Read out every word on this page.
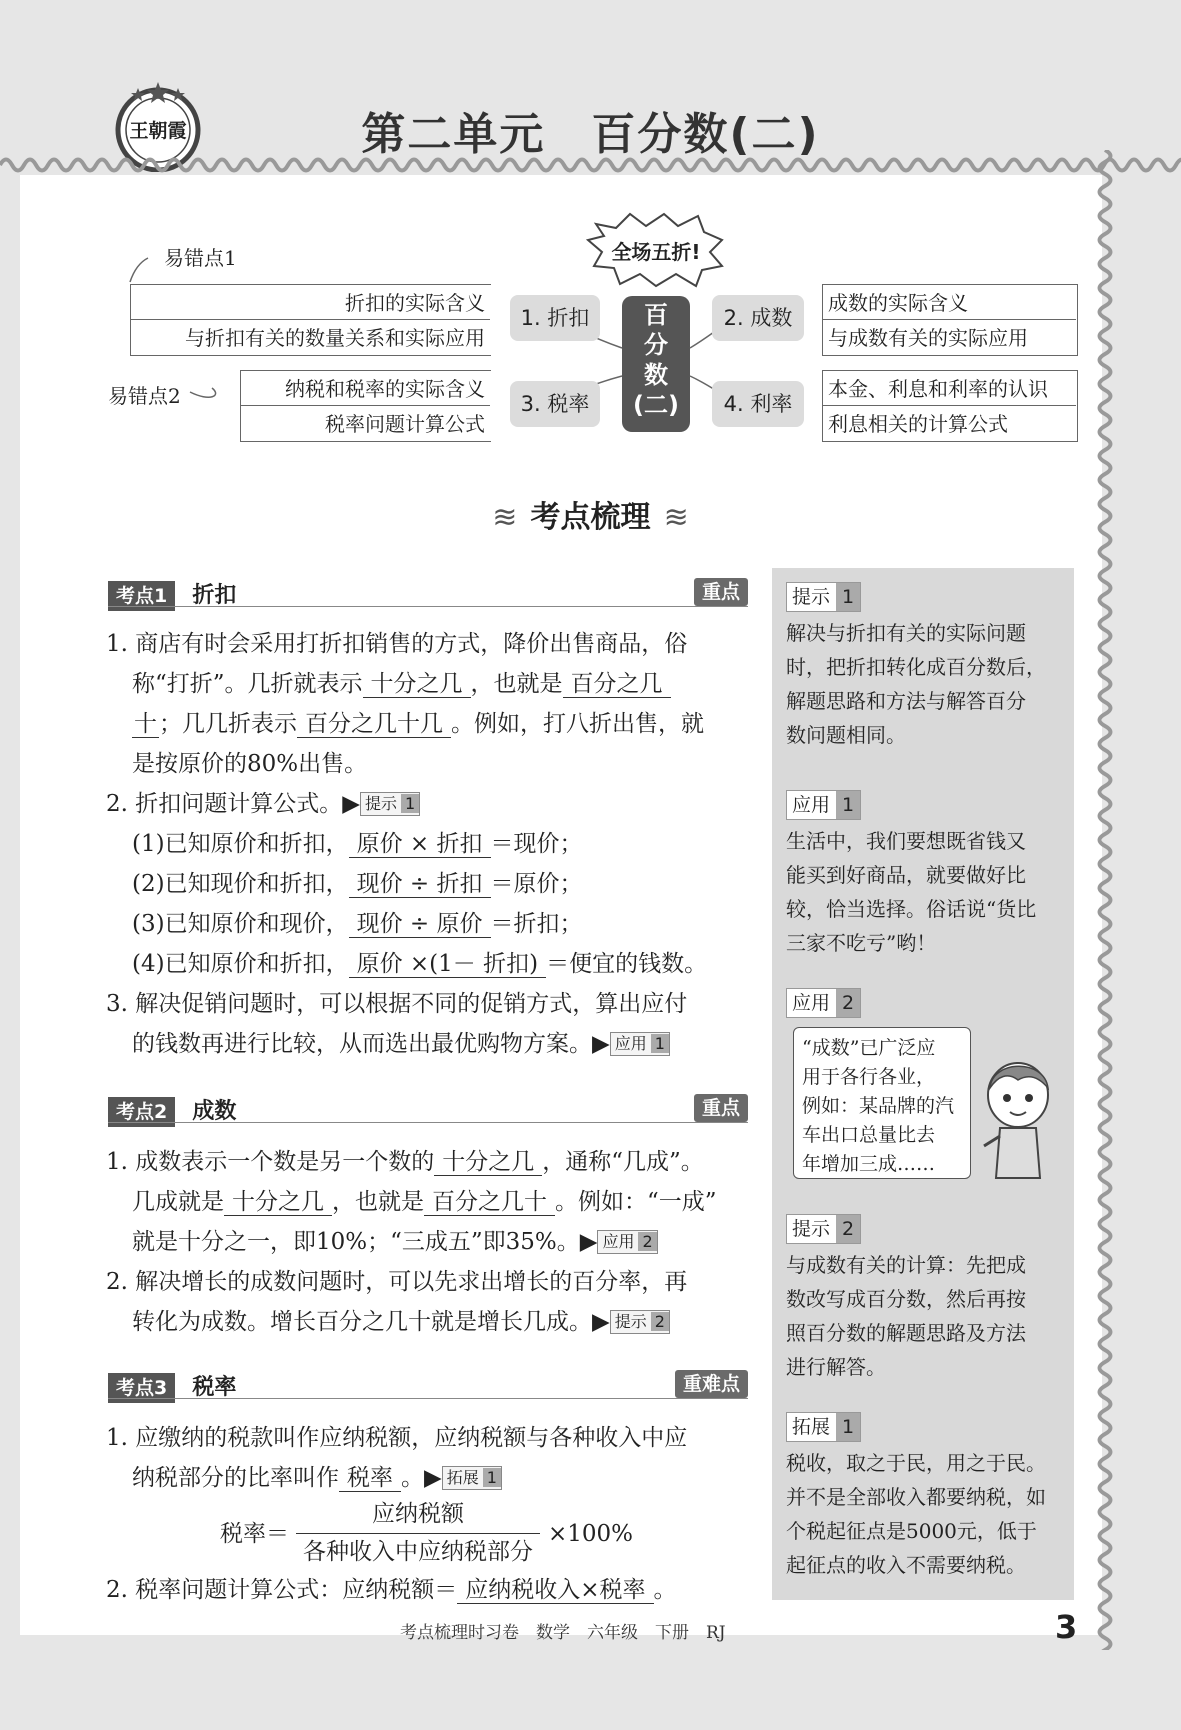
王朝霞	第二单元　百分数(二)
全场五折!
百
分
数
(二)
折扣的实际含义
与折扣有关的数量关系和实际应用
1. 折扣
易错点1
纳税和税率的实际含义
税率问题计算公式
3. 税率
易错点2
成数的实际含义
与成数有关的实际应用
2. 成数
本金、利息和利率的认识
利息相关的计算公式
4. 利率
≋ 考点梳理 ≋
考点1 折扣	重点
1. 商店有时会采用打折扣销售的方式，降价出售商品，俗
称“打折”。几折就表示 十分之几 ，也就是 百分之几
十；几几折表示 百分之几十几 。例如，打八折出售，就
是按原价的80%出售。
2. 折扣问题计算公式。▶ 提示 1
(1)已知原价和折扣， 原价 × 折扣 ＝现价；
(2)已知现价和折扣， 现价 ÷ 折扣 ＝原价；
(3)已知原价和现价， 现价 ÷ 原价 ＝折扣；
(4)已知原价和折扣， 原价 ×(1－ 折扣) ＝便宜的钱数。
3. 解决促销问题时，可以根据不同的促销方式，算出应付
的钱数再进行比较，从而选出最优购物方案。▶ 应用 1
考点2 成数	重点
1. 成数表示一个数是另一个数的 十分之几 ，通称“几成”。
几成就是 十分之几 ，也就是 百分之几十 。例如：“一成”
就是十分之一，即10%；“三成五”即35%。▶ 应用 2
2. 解决增长的成数问题时，可以先求出增长的百分率，再
转化为成数。增长百分之几十就是增长几成。▶ 提示 2
考点3 税率	重难点
1. 应缴纳的税款叫作应纳税额，应纳税额与各种收入中应
纳税部分的比率叫作 税率 。▶ 拓展 1
税率＝
应纳税额
各种收入中应纳税部分
×100%
2. 税率问题计算公式：应纳税额＝ 应纳税收入×税率 。
提示 1
解决与折扣有关的实际问题
时，把折扣转化成百分数后，
解题思路和方法与解答百分
数问题相同。
应用 1
生活中，我们要想既省钱又
能买到好商品，就要做好比
较，恰当选择。俗话说“货比
三家不吃亏”哟！
应用 2
“成数”已广泛应
用于各行各业，
例如：某品牌的汽
车出口总量比去
年增加三成……
提示 2
与成数有关的计算：先把成
数改写成百分数，然后再按
照百分数的解题思路及方法
进行解答。
拓展 1
税收，取之于民，用之于民。
并不是全部收入都要纳税，如
个税起征点是5000元，低于
起征点的收入不需要纳税。
考点梳理时习卷　数学　六年级　下册　RJ	3
